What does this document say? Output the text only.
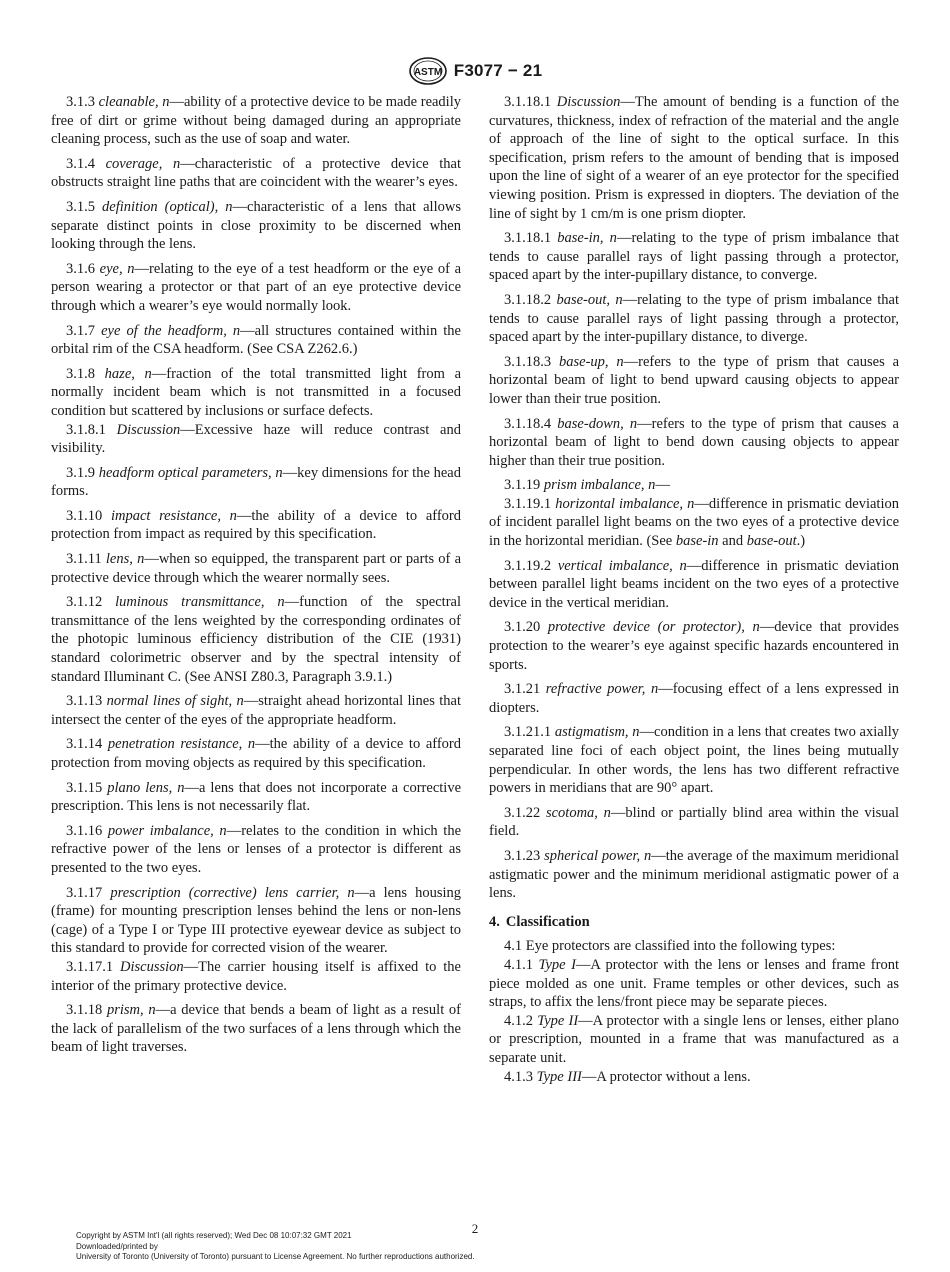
ASTM F3077 − 21

3.1.3 cleanable, n—ability of a protective device to be made readily free of dirt or grime without being damaged during an appropriate cleaning process, such as the use of soap and water.

3.1.4 coverage, n—characteristic of a protective device that obstructs straight line paths that are coincident with the wearer’s eyes.

3.1.5 definition (optical), n—characteristic of a lens that allows separate distinct points in close proximity to be discerned when looking through the lens.

3.1.6 eye, n—relating to the eye of a test headform or the eye of a person wearing a protector or that part of an eye protective device through which a wearer’s eye would normally look.

3.1.7 eye of the headform, n—all structures contained within the orbital rim of the CSA headform. (See CSA Z262.6.)

3.1.8 haze, n—fraction of the total transmitted light from a normally incident beam which is not transmitted in a focused condition but scattered by inclusions or surface defects.

3.1.8.1 Discussion—Excessive haze will reduce contrast and visibility.

3.1.9 headform optical parameters, n—key dimensions for the head forms.

3.1.10 impact resistance, n—the ability of a device to afford protection from impact as required by this specification.

3.1.11 lens, n—when so equipped, the transparent part or parts of a protective device through which the wearer normally sees.

3.1.12 luminous transmittance, n—function of the spectral transmittance of the lens weighted by the corresponding ordinates of the photopic luminous efficiency distribution of the CIE (1931) standard colorimetric observer and by the spectral intensity of standard Illuminant C. (See ANSI Z80.3, Paragraph 3.9.1.)

3.1.13 normal lines of sight, n—straight ahead horizontal lines that intersect the center of the eyes of the appropriate headform.

3.1.14 penetration resistance, n—the ability of a device to afford protection from moving objects as required by this specification.

3.1.15 plano lens, n—a lens that does not incorporate a corrective prescription. This lens is not necessarily flat.

3.1.16 power imbalance, n—relates to the condition in which the refractive power of the lens or lenses of a protector is different as presented to the two eyes.

3.1.17 prescription (corrective) lens carrier, n—a lens housing (frame) for mounting prescription lenses behind the lens or non-lens (cage) of a Type I or Type III protective eyewear device as subject to this standard to provide for corrected vision of the wearer.

3.1.17.1 Discussion—The carrier housing itself is affixed to the interior of the primary protective device.

3.1.18 prism, n—a device that bends a beam of light as a result of the lack of parallelism of the two surfaces of a lens through which the beam of light traverses.

3.1.18.1 Discussion—The amount of bending is a function of the curvatures, thickness, index of refraction of the material and the angle of approach of the line of sight to the optical surface. In this specification, prism refers to the amount of bending that is imposed upon the line of sight of a wearer of an eye protector for the specified viewing position. Prism is expressed in diopters. The deviation of the line of sight by 1 cm/m is one prism diopter.

3.1.18.1 base-in, n—relating to the type of prism imbalance that tends to cause parallel rays of light passing through a protector, spaced apart by the inter-pupillary distance, to converge.

3.1.18.2 base-out, n—relating to the type of prism imbalance that tends to cause parallel rays of light passing through a protector, spaced apart by the inter-pupillary distance, to diverge.

3.1.18.3 base-up, n—refers to the type of prism that causes a horizontal beam of light to bend upward causing objects to appear lower than their true position.

3.1.18.4 base-down, n—refers to the type of prism that causes a horizontal beam of light to bend down causing objects to appear higher than their true position.

3.1.19 prism imbalance, n—

3.1.19.1 horizontal imbalance, n—difference in prismatic deviation of incident parallel light beams on the two eyes of a protective device in the horizontal meridian. (See base-in and base-out.)

3.1.19.2 vertical imbalance, n—difference in prismatic deviation between parallel light beams incident on the two eyes of a protective device in the vertical meridian.

3.1.20 protective device (or protector), n—device that provides protection to the wearer’s eye against specific hazards encountered in sports.

3.1.21 refractive power, n—focusing effect of a lens expressed in diopters.

3.1.21.1 astigmatism, n—condition in a lens that creates two axially separated line foci of each object point, the lines being mutually perpendicular. In other words, the lens has two different refractive powers in meridians that are 90° apart.

3.1.22 scotoma, n—blind or partially blind area within the visual field.

3.1.23 spherical power, n—the average of the maximum meridional astigmatic power and the minimum meridional astigmatic power of a lens.

4. Classification

4.1 Eye protectors are classified into the following types:

4.1.1 Type I—A protector with the lens or lenses and frame front piece molded as one unit. Frame temples or other devices, such as straps, to affix the lens/front piece may be separate pieces.

4.1.2 Type II—A protector with a single lens or lenses, either plano or prescription, mounted in a frame that was manufactured as a separate unit.

4.1.3 Type III—A protector without a lens.

2
Copyright by ASTM Int'l (all rights reserved); Wed Dec 08 10:07:32 GMT 2021
Downloaded/printed by
University of Toronto (University of Toronto) pursuant to License Agreement. No further reproductions authorized.
